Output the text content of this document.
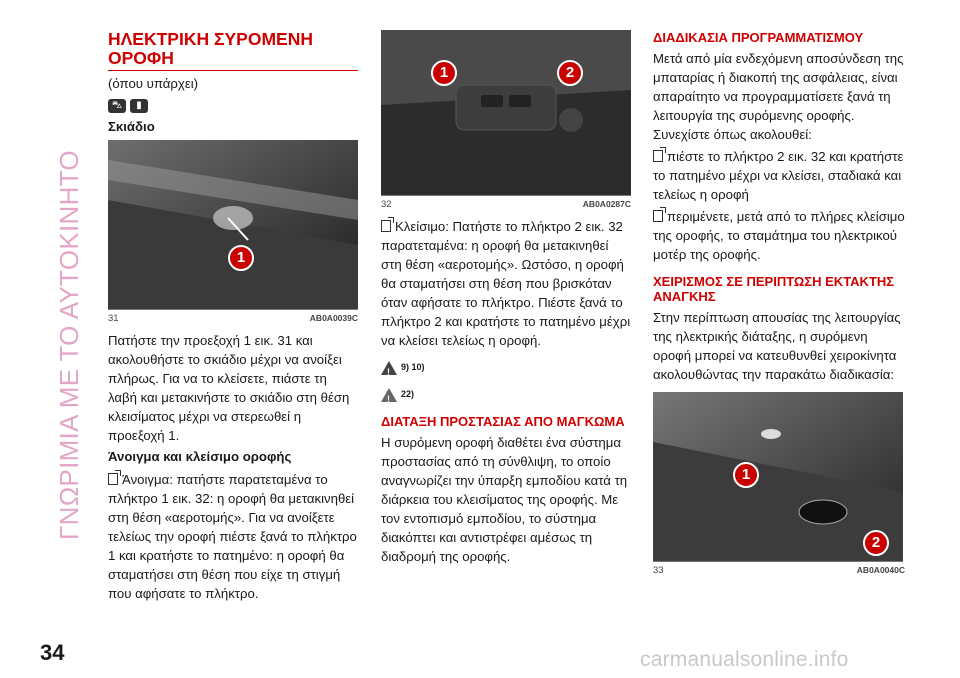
ΓΝΩΡΙΜΙΑ ΜΕ ΤΟ ΑΥΤΟΚΙΝΗΤΟ
ΗΛΕΚΤΡΙΚΗ ΣΥΡΟΜΕΝΗ ΟΡΟΦΗ
(όπου υπάρχει)
⛍	▮
Σκιάδιο
1
31	AB0A0039C

Πατήστε την προεξοχή 1 εικ. 31 και ακολουθήστε το σκιάδιο μέχρι να ανοίξει πλήρως. Για να το κλείσετε, πιάστε τη λαβή και μετακινήστε το σκιάδιο στη θέση κλεισίματος μέχρι να στερεωθεί η προεξοχή 1.

Άνοιγμα και κλείσιμο οροφής

Άνοιγμα: πατήστε παρατεταμένα το πλήκτρο 1 εικ. 32: η οροφή θα μετακινηθεί στη θέση «αεροτομής». Για να ανοίξετε τελείως την οροφή πιέστε ξανά το πλήκτρο 1 και κρατήστε το πατημένο: η οροφή θα σταματήσει στη θέση που είχε τη στιγμή που αφήσατε το πλήκτρο.

1	2
32	AB0A0287C

Κλείσιμο: Πατήστε το πλήκτρο 2 εικ. 32 παρατεταμένα: η οροφή θα μετακινηθεί στη θέση «αεροτομής». Ωστόσο, η οροφή θα σταματήσει στη θέση που βρισκόταν όταν αφήσατε το πλήκτρο. Πιέστε ξανά το πλήκτρο 2 και κρατήστε το πατημένο μέχρι να κλείσει τελείως η οροφή.

!
9) 10)
!
22)
ΔΙΑΤΑΞΗ ΠΡΟΣΤΑΣΙΑΣ ΑΠΟ ΜΑΓΚΩΜΑ

Η συρόμενη οροφή διαθέτει ένα σύστημα προστασίας από τη σύνθλιψη, το οποίο αναγνωρίζει την ύπαρξη εμποδίου κατά τη διάρκεια του κλεισίματος της οροφής. Με τον εντοπισμό εμποδίου, το σύστημα διακόπτει και αντιστρέφει αμέσως τη διαδρομή της οροφής.

ΔΙΑΔΙΚΑΣΙΑ ΠΡΟΓΡΑΜΜΑΤΙΣΜΟΥ

Μετά από μία ενδεχόμενη αποσύνδεση της μπαταρίας ή διακοπή της ασφάλειας, είναι απαραίτητο να προγραμματίσετε ξανά τη λειτουργία της συρόμενης οροφής. Συνεχίστε όπως ακολουθεί:

πιέστε το πλήκτρο 2 εικ. 32 και κρατήστε το πατημένο μέχρι να κλείσει, σταδιακά και τελείως η οροφή

περιμένετε, μετά από το πλήρες κλείσιμο της οροφής, το σταμάτημα του ηλεκτρικού μοτέρ της οροφής.

ΧΕΙΡΙΣΜΟΣ ΣΕ ΠΕΡΙΠΤΩΣΗ ΕΚΤΑΚΤΗΣ ΑΝΑΓΚΗΣ

Στην περίπτωση απουσίας της λειτουργίας της ηλεκτρικής διάταξης, η συρόμενη οροφή μπορεί να κατευθυνθεί χειροκίνητα ακολουθώντας την παρακάτω διαδικασία:

1
2
33	AB0A0040C
34	carmanualsonline.info
